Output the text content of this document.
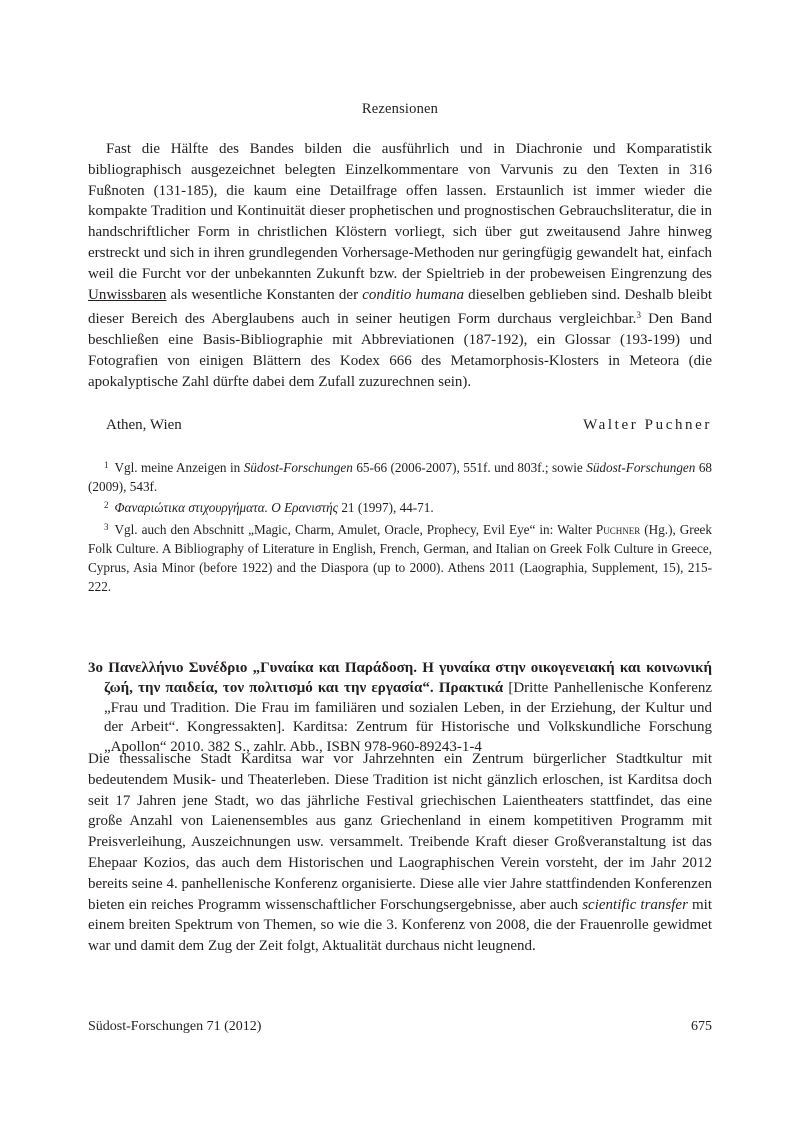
Rezensionen

Fast die Hälfte des Bandes bilden die ausführlich und in Diachronie und Komparatistik bibliographisch ausgezeichnet belegten Einzelkommentare von Varvunis zu den Texten in 316 Fußnoten (131-185), die kaum eine Detailfrage offen lassen. Erstaunlich ist immer wieder die kompakte Tradition und Kontinuität dieser prophetischen und prognostischen Gebrauchsliteratur, die in handschriftlicher Form in christlichen Klöstern vorliegt, sich über gut zweitausend Jahre hinweg erstreckt und sich in ihren grundlegenden Vorhersage-Methoden nur geringfügig gewandelt hat, einfach weil die Furcht vor der unbekannten Zukunft bzw. der Spieltrieb in der probeweisen Eingrenzung des Unwissbaren als wesentliche Konstanten der conditio humana dieselben geblieben sind. Deshalb bleibt dieser Bereich des Aberglaubens auch in seiner heutigen Form durchaus vergleichbar.$^3$ Den Band beschließen eine Basis-Bibliographie mit Abbreviationen (187-192), ein Glossar (193-199) und Fotografien von einigen Blättern des Kodex 666 des Metamorphosis-Klosters in Meteora (die apokalyptische Zahl dürfte dabei dem Zufall zuzurechnen sein).

Athen, Wien	Walter Puchner

$^1$ Vgl. meine Anzeigen in Südost-Forschungen 65-66 (2006-2007), 551f. und 803f.; sowie Südost-Forschungen 68 (2009), 543f.

$^2$ Φαναριώτικα στιχουργήματα. Ο Ερανιστής 21 (1997), 44-71.

$^3$ Vgl. auch den Abschnitt „Magic, Charm, Amulet, Oracle, Prophecy, Evil Eye“ in: Walter Puchner (Hg.), Greek Folk Culture. A Bibliography of Literature in English, French, German, and Italian on Greek Folk Culture in Greece, Cyprus, Asia Minor (before 1922) and the Diaspora (up to 2000). Athens 2011 (Laographia, Supplement, 15), 215-222.

3o Πανελλήνιο Συνέδριο „Γυναίκα και Παράδοση. Η γυναίκα στην οικογενειακή και κοινωνική ζωή, την παιδεία, τον πολιτισμό και την εργασία“. Πρακτικά [Dritte Panhellenische Konferenz „Frau und Tradition. Die Frau im familiären und sozialen Leben, in der Erziehung, der Kultur und der Arbeit“. Kongressakten]. Karditsa: Zentrum für Historische und Volkskundliche Forschung „Apollon“ 2010. 382 S., zahlr. Abb., ISBN 978-960-89243-1-4

Die thessalische Stadt Karditsa war vor Jahrzehnten ein Zentrum bürgerlicher Stadtkultur mit bedeutendem Musik- und Theaterleben. Diese Tradition ist nicht gänzlich erloschen, ist Karditsa doch seit 17 Jahren jene Stadt, wo das jährliche Festival griechischen Laientheaters stattfindet, das eine große Anzahl von Laienensembles aus ganz Griechenland in einem kompetitiven Programm mit Preisverleihung, Auszeichnungen usw. versammelt. Treibende Kraft dieser Großveranstaltung ist das Ehepaar Kozios, das auch dem Historischen und Laographischen Verein vorsteht, der im Jahr 2012 bereits seine 4. panhellenische Konferenz organisierte. Diese alle vier Jahre stattfindenden Konferenzen bieten ein reiches Programm wissenschaftlicher Forschungsergebnisse, aber auch scientific transfer mit einem breiten Spektrum von Themen, so wie die 3. Konferenz von 2008, die der Frauenrolle gewidmet war und damit dem Zug der Zeit folgt, Aktualität durchaus nicht leugnend.

Südost-Forschungen 71 (2012)	675
